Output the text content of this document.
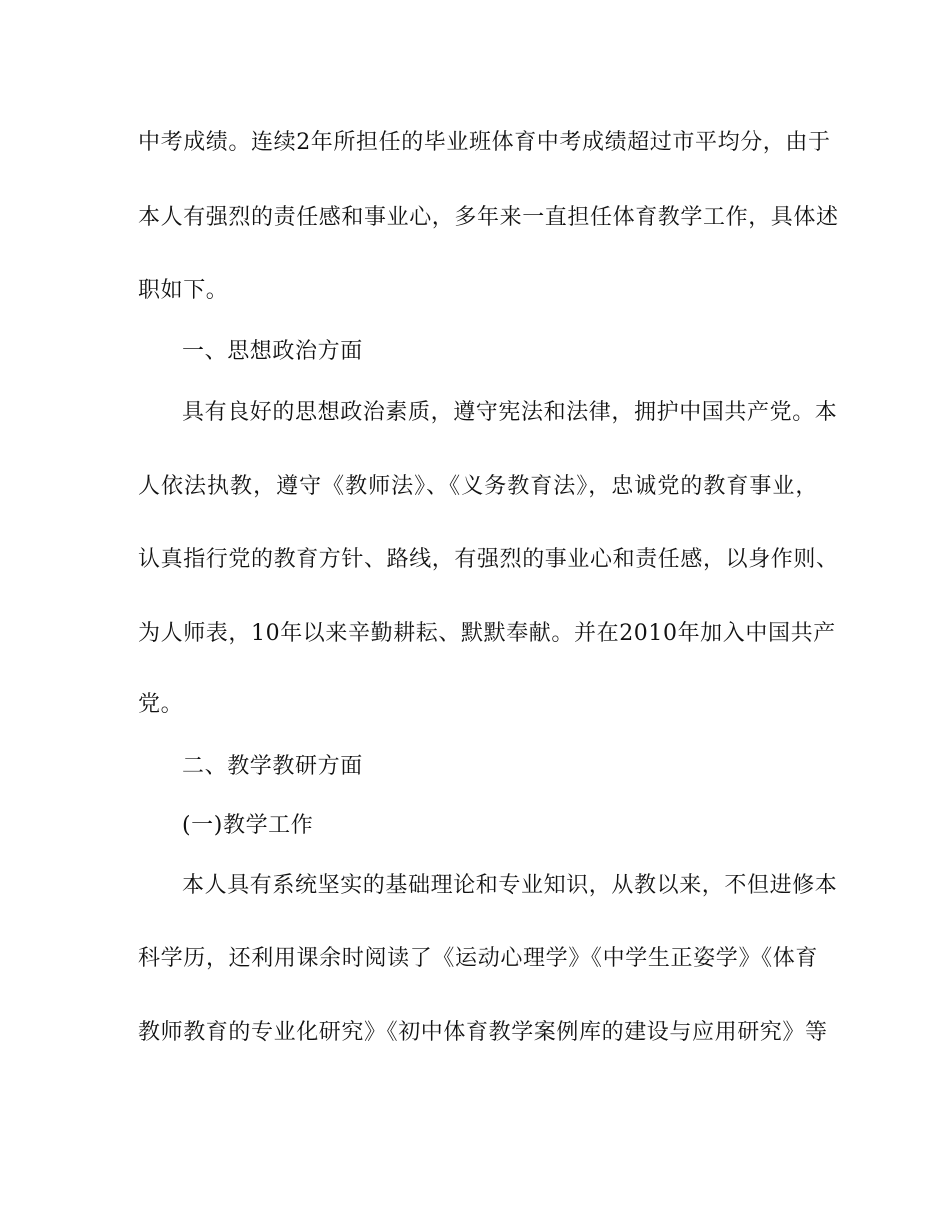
中考成绩。连续2年所担任的毕业班体育中考成绩超过市平均分，由于
本人有强烈的责任感和事业心，多年来一直担任体育教学工作，具体述
职如下。
一、思想政治方面
具有良好的思想政治素质，遵守宪法和法律，拥护中国共产党。本
人依法执教，遵守《教师法》、《义务教育法》，忠诚党的教育事业，
认真指行党的教育方针、路线，有强烈的事业心和责任感，以身作则、
为人师表，10年以来辛勤耕耘、默默奉献。并在2010年加入中国共产
党。
二、教学教研方面
(一)教学工作
本人具有系统坚实的基础理论和专业知识，从教以来，不但进修本
科学历，还利用课余时阅读了《运动心理学》《中学生正姿学》《体育
教师教育的专业化研究》《初中体育教学案例库的建设与应用研究》等
